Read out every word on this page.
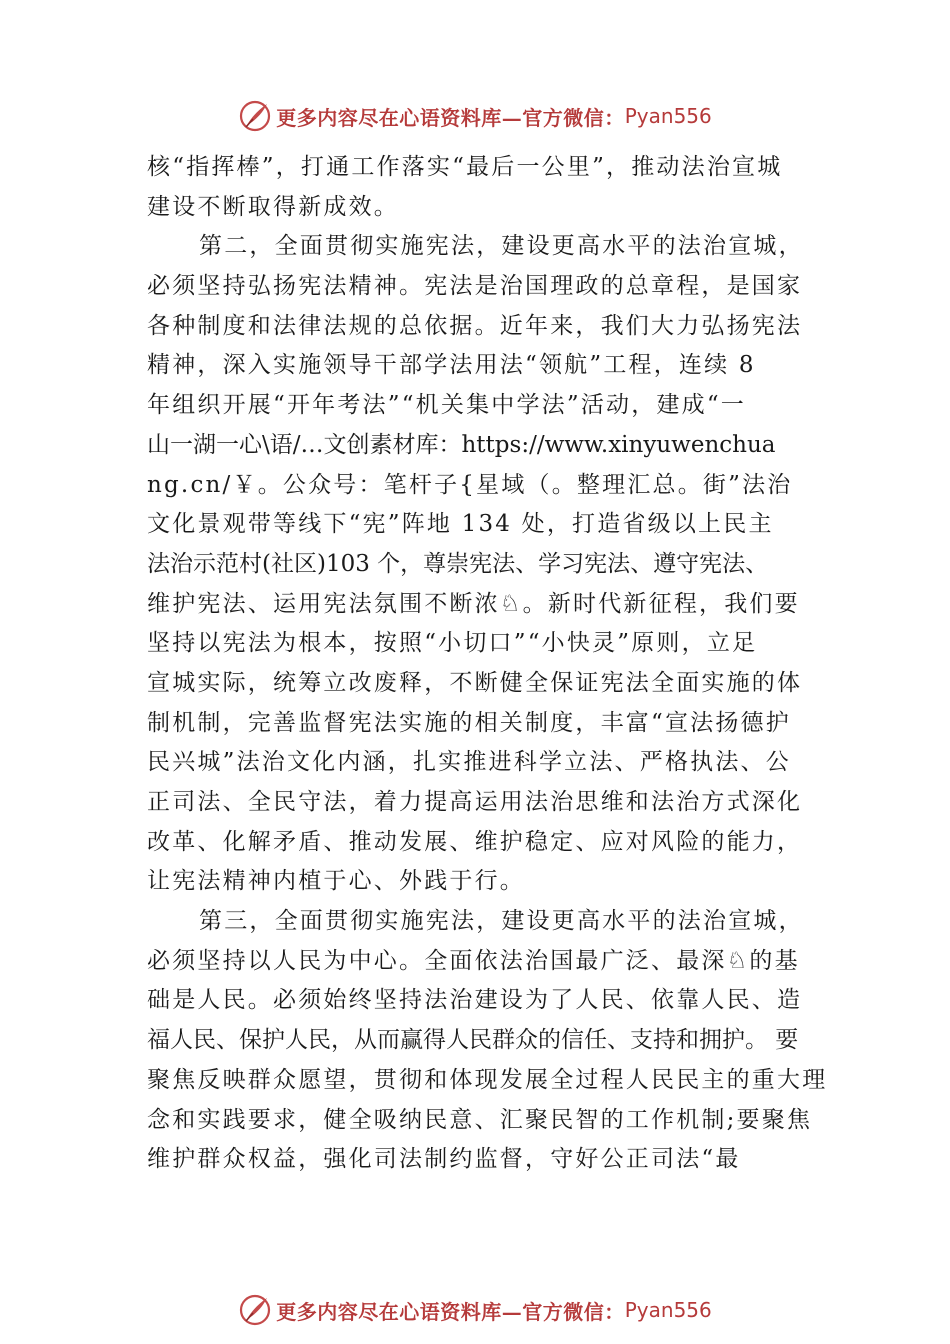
更多内容尽在心语资料库—官方微信： Pyan556
核“指挥棒”，打通工作落实“最后一公里”，推动法治宣城
建设不断取得新成效。
第二，全面贯彻实施宪法，建设更高水平的法治宣城，
必须坚持弘扬宪法精神。宪法是治国理政的总章程，是国家
各种制度和法律法规的总依据。近年来，我们大力弘扬宪法
精神，深入实施领导干部学法用法“领航”工程，连续 8
年组织开展“开年考法”“机关集中学法”活动，建成“一
山一湖一心\语/…文创素材库：https://www.xinyuwenchua
ng.cn/￥。公众号：笔杆子{星域（。整理汇总。街”法治
文化景观带等线下“宪”阵地 134 处，打造省级以上民主
法治示范村(社区)103 个，尊崇宪法、学习宪法、遵守宪法、
维护宪法、运用宪法氛围不断浓♘。新时代新征程，我们要
坚持以宪法为根本，按照“小切口”“小快灵”原则，立足
宣城实际，统筹立改废释，不断健全保证宪法全面实施的体
制机制，完善监督宪法实施的相关制度，丰富“宣法扬德护
民兴城”法治文化内涵，扎实推进科学立法、严格执法、公
正司法、全民守法，着力提高运用法治思维和法治方式深化
改革、化解矛盾、推动发展、维护稳定、应对风险的能力，
让宪法精神内植于心、外践于行。
第三，全面贯彻实施宪法，建设更高水平的法治宣城，
必须坚持以人民为中心。全面依法治国最广泛、最深♘的基
础是人民。必须始终坚持法治建设为了人民、依靠人民、造
福人民、保护人民，从而赢得人民群众的信任、支持和拥护。 要
聚焦反映群众愿望，贯彻和体现发展全过程人民民主的重大理
念和实践要求，健全吸纳民意、汇聚民智的工作机制;要聚焦
维护群众权益，强化司法制约监督，守好公正司法“最
更多内容尽在心语资料库—官方微信： Pyan556
